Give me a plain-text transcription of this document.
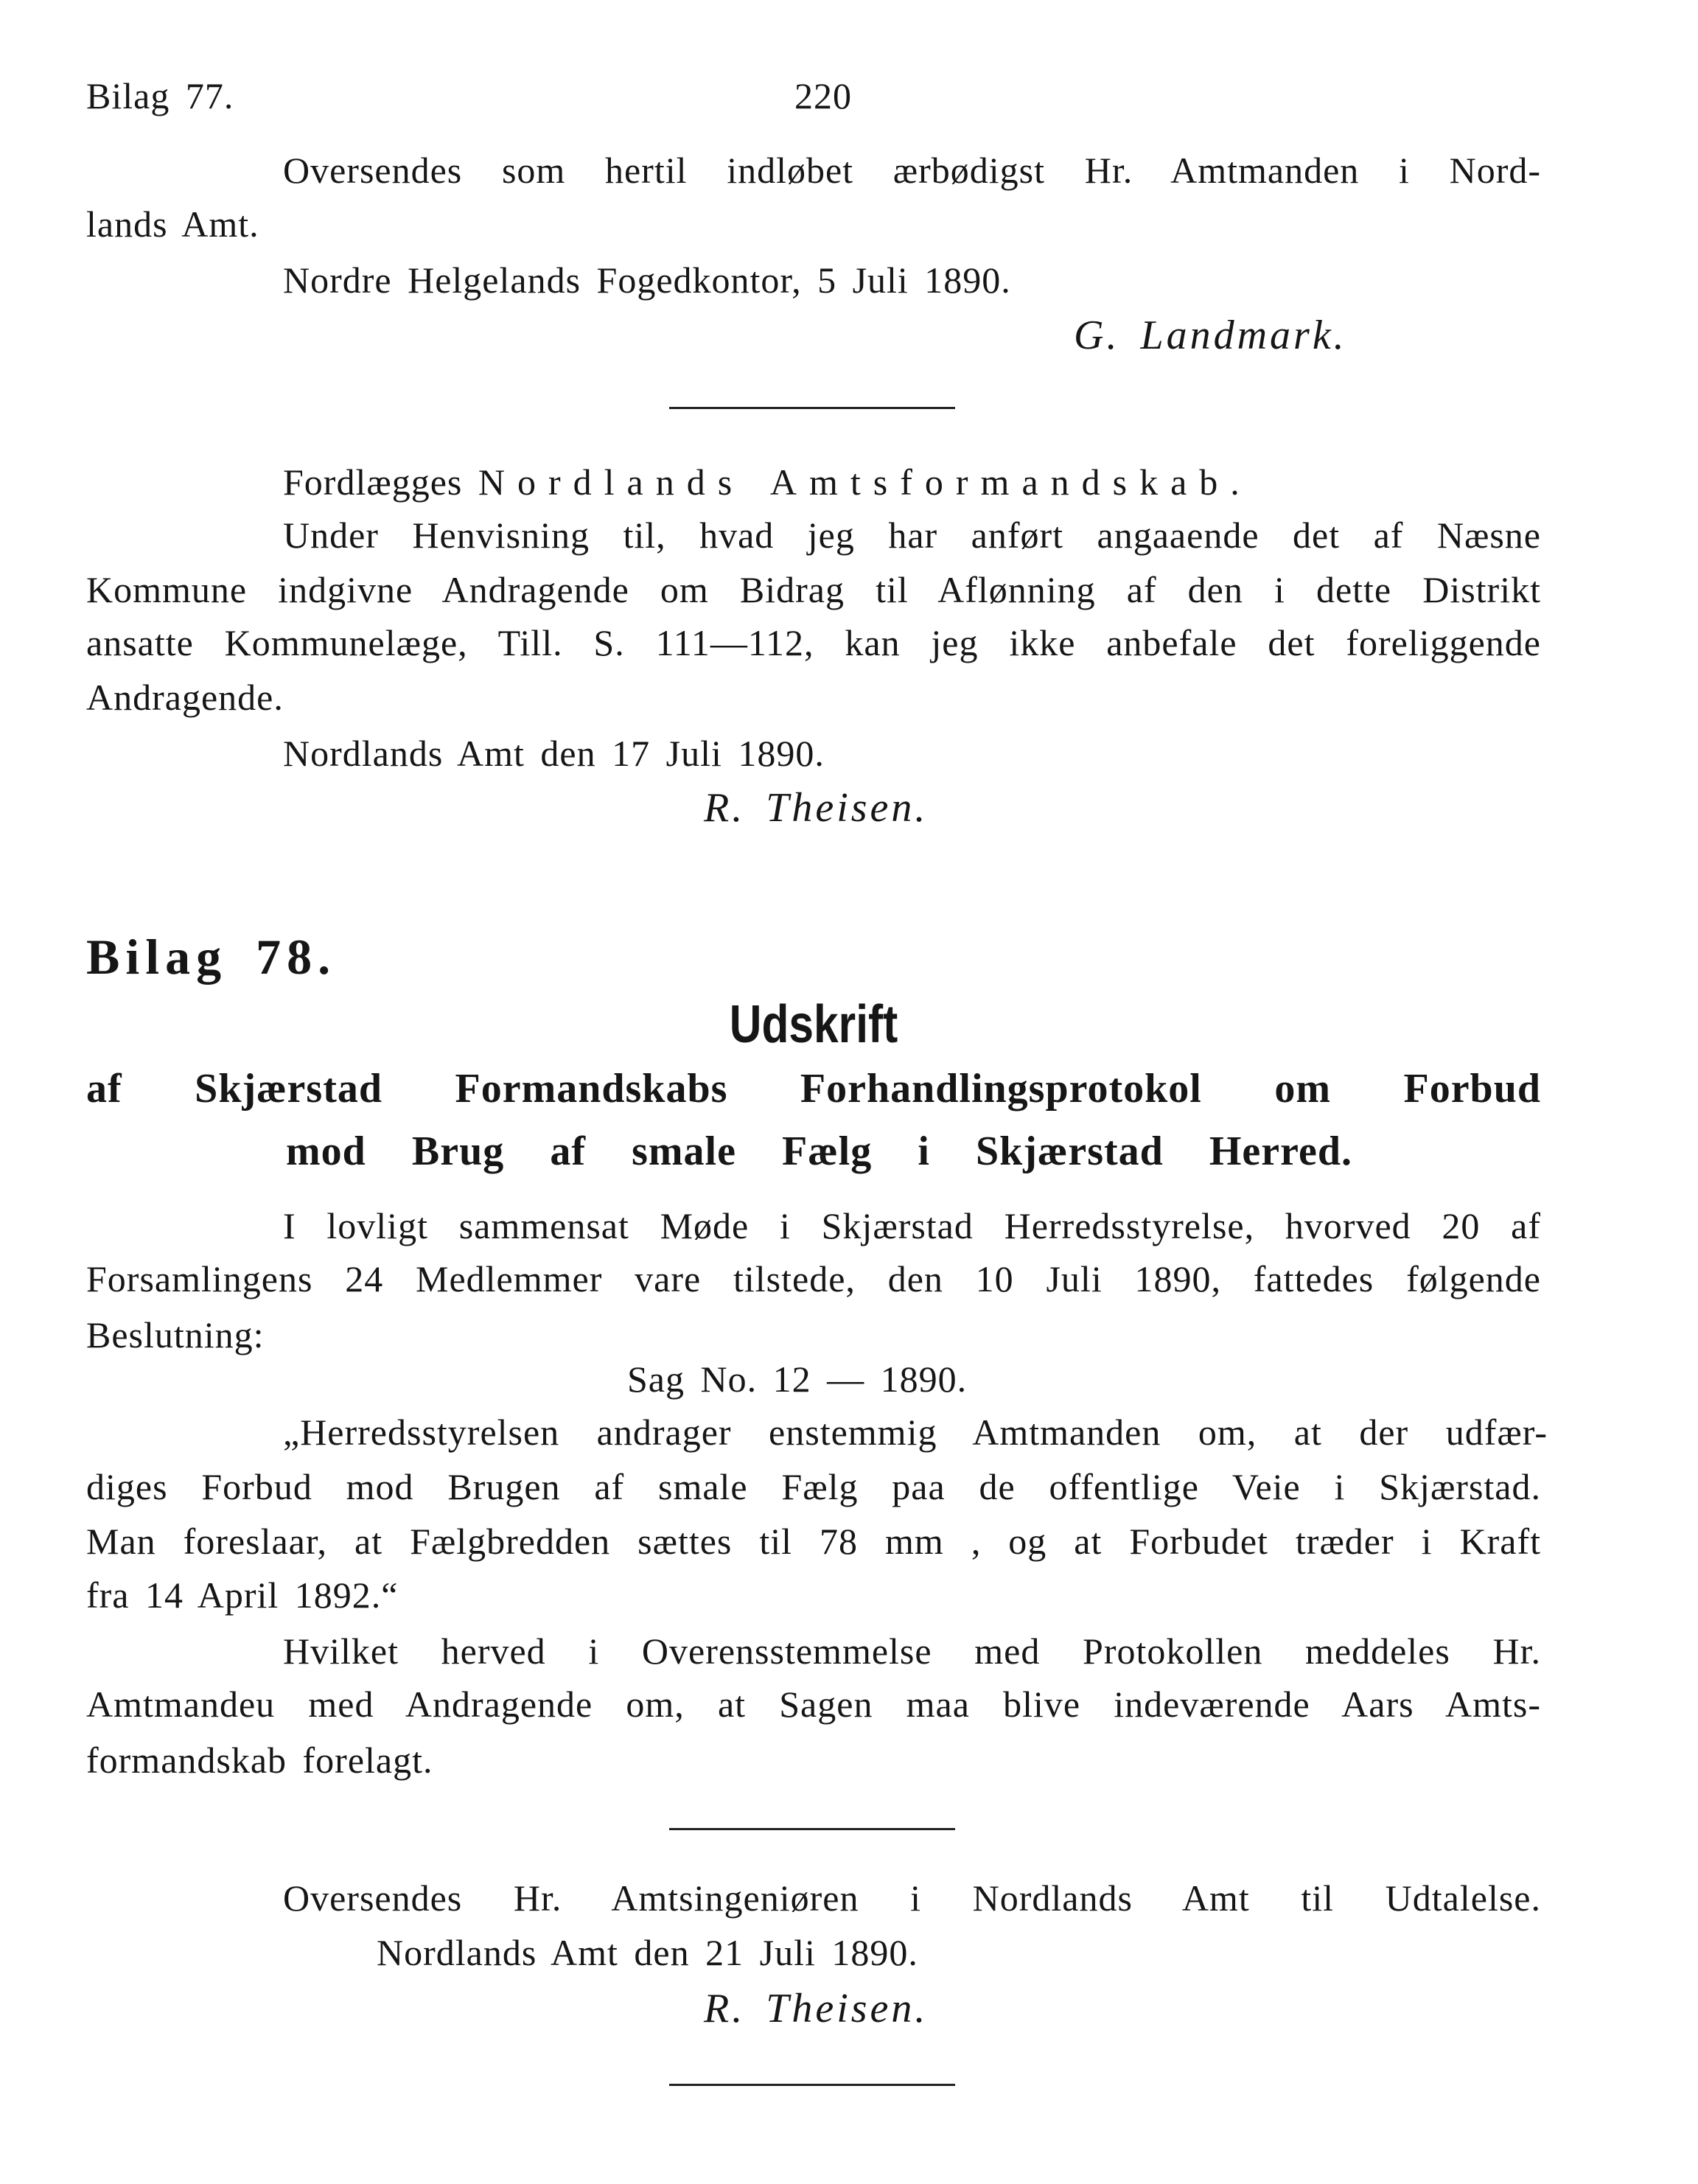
Bilag 77.	220
Oversendes som hertil indløbet ærbødigst Hr. Amtmanden i Nord-
lands Amt.
Nordre Helgelands Fogedkontor, 5 Juli 1890.
G. Landmark.
Fordlægges Nordlands Amtsformandskab.
Under Henvisning til, hvad jeg har anført angaaende det af Næsne
Kommune indgivne Andragende om Bidrag til Aflønning af den i dette Distrikt
ansatte Kommunelæge, Till. S. 111—112, kan jeg ikke anbefale det foreliggende
Andragende.
Nordlands Amt den 17 Juli 1890.
R. Theisen.
Bilag 78.
Udskrift
af Skjærstad Formandskabs Forhandlingsprotokol om Forbud
mod Brug af smale Fælg i Skjærstad Herred.
I lovligt sammensat Møde i Skjærstad Herredsstyrelse, hvorved 20 af
Forsamlingens 24 Medlemmer vare tilstede, den 10 Juli 1890, fattedes følgende
Beslutning:
Sag No. 12 — 1890.
„Herredsstyrelsen andrager enstemmig Amtmanden om, at der udfær-
diges Forbud mod Brugen af smale Fælg paa de offentlige Veie i Skjærstad.
Man foreslaar, at Fælgbredden sættes til 78 mm , og at Forbudet træder i Kraft
fra 14 April 1892.“
Hvilket herved i Overensstemmelse med Protokollen meddeles Hr.
Amtmandeu med Andragende om, at Sagen maa blive indeværende Aars Amts-
formandskab forelagt.
Oversendes Hr. Amtsingeniøren i Nordlands Amt til Udtalelse.
Nordlands Amt den 21 Juli 1890.
R. Theisen.
